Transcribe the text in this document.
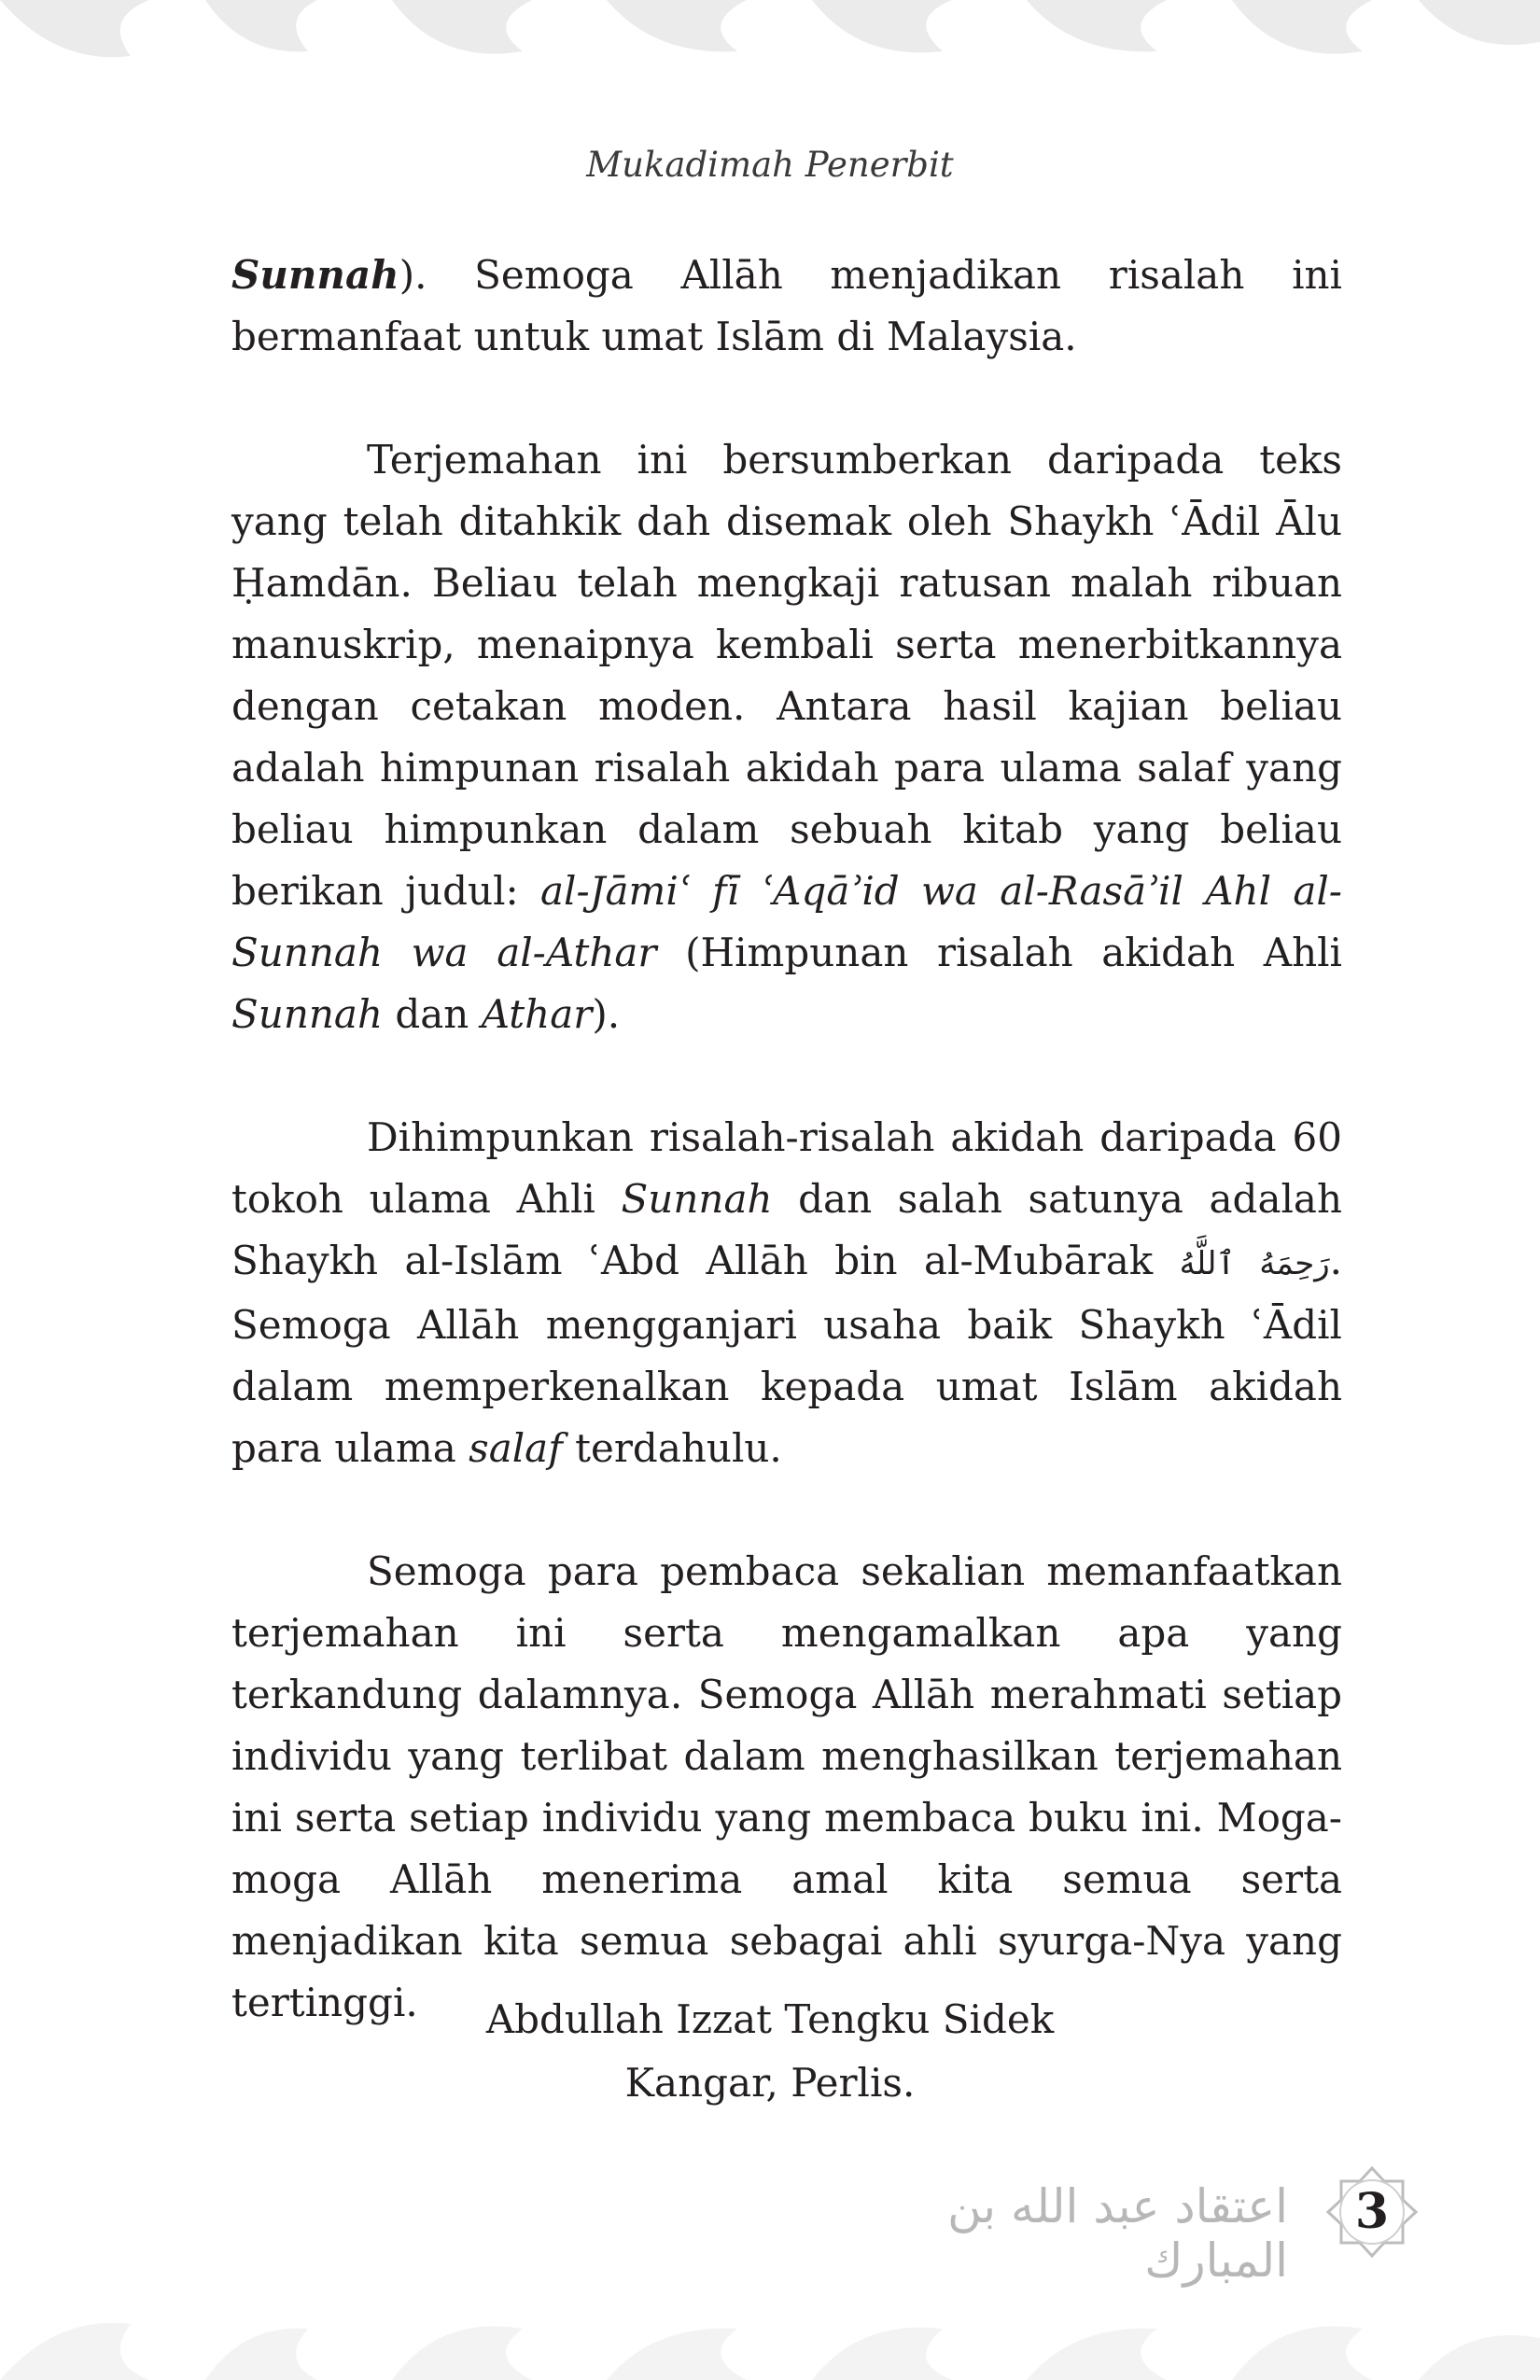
Mukadimah Penerbit

Sunnah). Semoga Allāh menjadikan risalah ini bermanfaat untuk umat Islām di Malaysia.

Terjemahan ini bersumberkan daripada teks yang telah ditahkik dah disemak oleh Shaykh ʿĀdil Ālu Ḥamdān. Beliau telah mengkaji ratusan malah ribuan manuskrip, menaipnya kembali serta menerbitkannya dengan cetakan moden. Antara hasil kajian beliau adalah himpunan risalah akidah para ulama salaf yang beliau himpunkan dalam sebuah kitab yang beliau berikan judul: al-Jāmiʿ fī ʿAqāʾid wa al-Rasāʾil Ahl al-Sunnah wa al-Athar (Himpunan risalah akidah Ahli Sunnah dan Athar).

Dihimpunkan risalah-risalah akidah daripada 60 tokoh ulama Ahli Sunnah dan salah satunya adalah Shaykh al-Islām ʿAbd Allāh bin al-Mubārak رَحِمَهُ ٱللَّهُ. Semoga Allāh mengganjari usaha baik Shaykh ʿĀdil dalam memperkenalkan kepada umat Islām akidah para ulama salaf terdahulu.

Semoga para pembaca sekalian memanfaatkan terjemahan ini serta mengamalkan apa yang terkandung dalamnya. Semoga Allāh merahmati setiap individu yang terlibat dalam menghasilkan terjemahan ini serta setiap individu yang membaca buku ini. Moga-moga Allāh menerima amal kita semua serta menjadikan kita semua sebagai ahli syurga-Nya yang tertinggi.	Abdullah Izzat Tengku Sidek
Kangar, Perlis.
اعتقاد عبد الله بن المبارك
3
